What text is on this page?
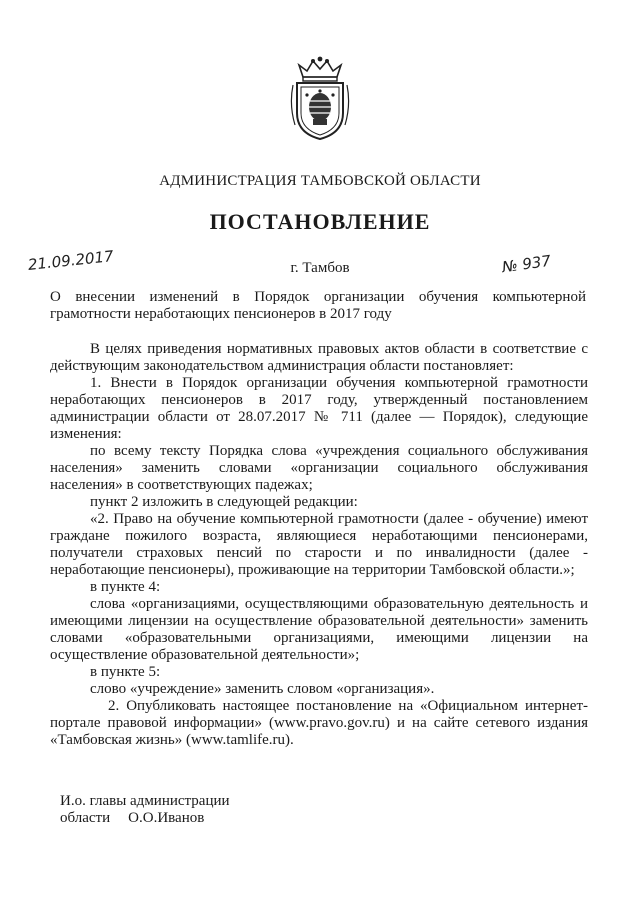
АДМИНИСТРАЦИЯ ТАМБОВСКОЙ ОБЛАСТИ
ПОСТАНОВЛЕНИЕ
21.09.2017	г. Тамбов	№ 937
О внесении изменений в Порядок организации обучения компьютерной грамотности неработающих пенсионеров в 2017 году

В целях приведения нормативных правовых актов области в соответствие с действующим законодательством администрация области постановляет:

1. Внести в Порядок организации обучения компьютерной грамотности неработающих пенсионеров в 2017 году, утвержденный постановлением администрации области от 28.07.2017 № 711 (далее — Порядок), следующие изменения:

по всему тексту Порядка слова «учреждения социального обслуживания населения» заменить словами «организации социального обслуживания населения» в соответствующих падежах;

пункт 2 изложить в следующей редакции:

«2. Право на обучение компьютерной грамотности (далее - обучение) имеют граждане пожилого возраста, являющиеся неработающими пенсионерами, получатели страховых пенсий по старости и по инвалидности (далее - неработающие пенсионеры), проживающие на территории Тамбовской области.»;

в пункте 4:

слова «организациями, осуществляющими образовательную деятельность и имеющими лицензии на осуществление образовательной деятельности» заменить словами «образовательными организациями, имеющими лицензии на осуществление образовательной деятельности»;

в пункте 5:

слово «учреждение» заменить словом «организация».

2. Опубликовать настоящее постановление на «Официальном интернет-портале правовой информации» (www.pravo.gov.ru) и на сайте сетевого издания «Тамбовская жизнь» (www.tamlife.ru).

И.о. главы администрации
области О.О.Иванов
